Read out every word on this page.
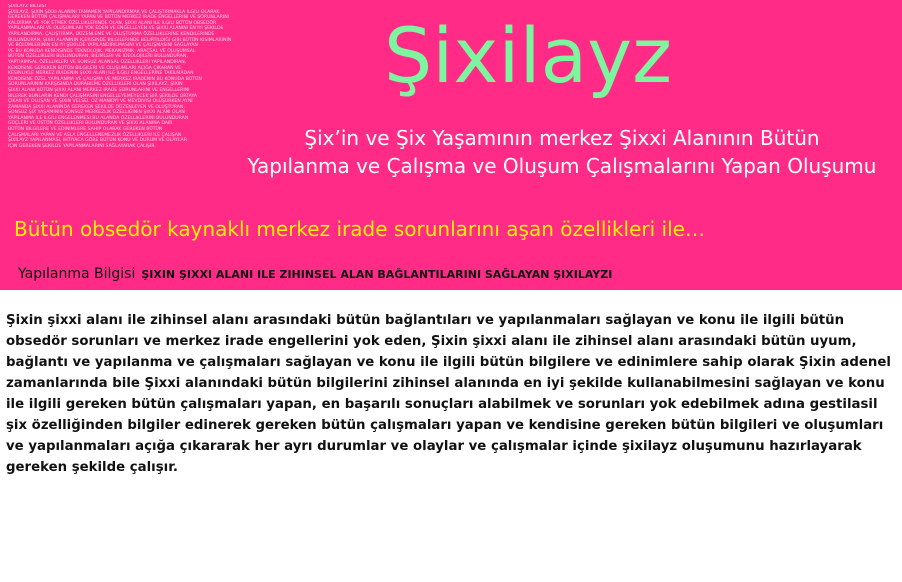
ŞIXILAYZ BILGISI
ŞIXILAYZ, ŞIXIN ŞIXXI ALANINI TAMAMEN YAPILANDIRMAK VE ÇALIŞTIRMAKLA ILGILI OLARAK
GEREKEN BÜTÜN ÇALIŞMALARI YAPAN VE BÜTÜN MERKEZ IRADE ENGELLERINI VE SORUNLARINI
KALDIRMA VE YOK ETMEK ÖZELLIKLERINDE OLAN, ŞIXXI ALANI ILE ILGILI BÜTÜN OBSEDÖR
YAPILANMALARI VE OLUŞUMLARI YOK EDEN VE ENGELLEYEN VE ŞIXXI ALANINI EN IYI ŞEKILDE
YAPILANDIRMA, ÇALIŞTIRMA, DÜZENLEME VE OLUŞTURMA ÖZELLIKLERINE KENDILERINDE
BULUNDURAN, ŞIXXI ALANININ IÇERISINDE BILGILERINDE BELIRTILDIĞI GIBI BÜTÜN KISIMLARININ
VE BÖLÜMLERININ EN IYI ŞEKILDE YAPILANDIRILMASINI VE ÇALIŞMASINI SAĞLAYAN
VE BU KONUDA KENDISINDE TEKNOLOJIK, MEKANIZMIK, ARAÇSAL VE OLUŞUMSAL
BÜTÜN ÖZELLIKLERI BULUNDURAN, BILIMLERI VE IDEOLOJILERI BULUNDURAN,
YAPTIRIMSAL ÖZELLIKLERI VE SONSUZ ALANSAL ÖZELLIKLERI YAPILANDIRAN,
KENDISINE GEREKEN BÜTÜN BILGILERI VE OLUŞUMLARI AÇIĞA ÇIKARAN VE
KESINLIKLE MERKEZ IRADENIN ŞIXXI ALANI ILE ILGILI ENGELLERINE TAKILMADAN
KENDISINE ÖZEL YAPILANMA VE ÇALIŞMA VE MERKEZ IRADENIN BU KONUDA BÜTÜN
SORUNLARININ KARŞISINDA DURABILME ÖZELLIKLERI OLAN ŞIXILAYZ, ŞIXIN
ŞIXXI ALANI BÜTÜN ŞIXXI ALANI MERKEZ IRADE SORUNLARINI VE ENGELLERINI
BILEREK BUNLARIN KENDI ÇALIŞMASINI ENGELLEYEMEYECEK BIR ŞEKILDE ORTAYA
ÇIKAN VE OLUŞAN VE ŞIXIN VELSEL OZ MANIDYI VE MEVDIVISI OLUŞURKEN AYNI
ZAMANDA ŞIXXI ALANINDA GEREKEN ŞEKILDE DÜZENLEYEN VE OLUŞTURAN,
SONSUZ ŞIX YAŞAMININ SONSUZ MERKEZLIK ÖZELLIĞININ ŞIXXI ALANI OLAN
YAPILANMA ILE ILGILI ENGELENMESI BU ALANDA ÖZELLIKLERINI BULUNDURAN
GÜÇLERI VE ÜSTÜN ÖZELLIKLERI BULUNDURAN VE ŞIXXI ALANINA DAIR
BÜTÜN BILGILERE VE EDINIMLERE SAHIP OLARAK GEREKEN BÜTÜN
ÇALIŞMALARI YAPAN VE ASLA ENGELLENEMEZLIK ÖZELLIKLERI ILE ÇALIŞAN
ŞIXILAYZ YAPILANMASI, IHTIYACA GÖRE BÜTÜN KONU VE DURUM VE OLAYLAR
IÇIN GEREKEN ŞEKILDE YAPILANMALARINI SAĞLAYARAK ÇALIŞIR.
Şixilayz
Şix’in ve Şix Yaşamının merkez Şixxi Alanının Bütün
Yapılanma ve Çalışma ve Oluşum Çalışmalarını Yapan Oluşumu
Bütün obsedör kaynaklı merkez irade sorunlarını aşan özellikleri ile…
Yapılanma Bilgisi ŞIXIN ŞIXXI ALANI ILE ZIHINSEL ALAN BAĞLANTILARINI SAĞLAYAN ŞIXILAYZI

Şixin şixxi alanı ile zihinsel alanı arasındaki bütün bağlantıları ve yapılanmaları sağlayan ve konu ile ilgili bütün obsedör sorunları ve merkez irade engellerini yok eden, Şixin şixxi alanı ile zihinsel alanı arasındaki bütün uyum, bağlantı ve yapılanma ve çalışmaları sağlayan ve konu ile ilgili bütün bilgilere ve edinimlere sahip olarak Şixin adenel zamanlarında bile Şixxi alanındaki bütün bilgilerini zihinsel alanında en iyi şekilde kullanabilmesini sağlayan ve konu ile ilgili gereken bütün çalışmaları yapan, en başarılı sonuçları alabilmek ve sorunları yok edebilmek adına gestilasil şix özelliğinden bilgiler edinerek gereken bütün çalışmaları yapan ve kendisine gereken bütün bilgileri ve oluşumları ve yapılanmaları açığa çıkararak her ayrı durumlar ve olaylar ve çalışmalar içinde şixilayz oluşumunu hazırlayarak gereken şekilde çalışır.
